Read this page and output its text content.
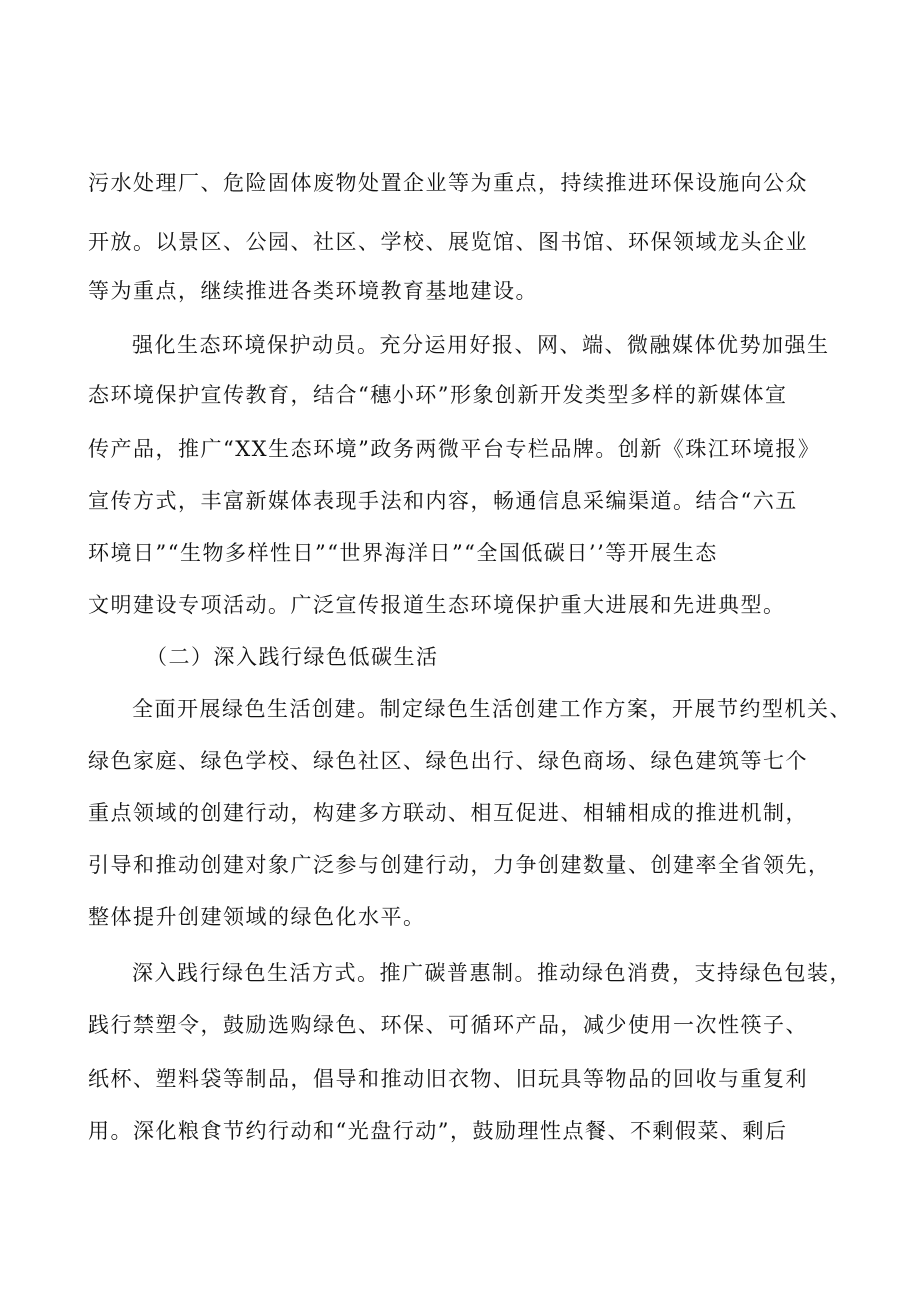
污水处理厂、危险固体废物处置企业等为重点，持续推进环保设施向公众
开放。以景区、公园、社区、学校、展览馆、图书馆、环保领域龙头企业
等为重点，继续推进各类环境教育基地建设。
强化生态环境保护动员。充分运用好报、网、端、微融媒体优势加强生
态环境保护宣传教育，结合“穗小环”形象创新开发类型多样的新媒体宣
传产品，推广“XX生态环境”政务两微平台专栏品牌。创新《珠江环境报》
宣传方式，丰富新媒体表现手法和内容，畅通信息采编渠道。结合“六五
环境日”“生物多样性日”“世界海洋日”“全国低碳日’’等开展生态
文明建设专项活动。广泛宣传报道生态环境保护重大进展和先进典型。
（二）深入践行绿色低碳生活
全面开展绿色生活创建。制定绿色生活创建工作方案，开展节约型机关、
绿色家庭、绿色学校、绿色社区、绿色出行、绿色商场、绿色建筑等七个
重点领域的创建行动，构建多方联动、相互促进、相辅相成的推进机制，
引导和推动创建对象广泛参与创建行动，力争创建数量、创建率全省领先，
整体提升创建领域的绿色化水平。
深入践行绿色生活方式。推广碳普惠制。推动绿色消费，支持绿色包装，
践行禁塑令，鼓励选购绿色、环保、可循环产品，减少使用一次性筷子、
纸杯、塑料袋等制品，倡导和推动旧衣物、旧玩具等物品的回收与重复利
用。深化粮食节约行动和“光盘行动”，鼓励理性点餐、不剩假菜、剩后
